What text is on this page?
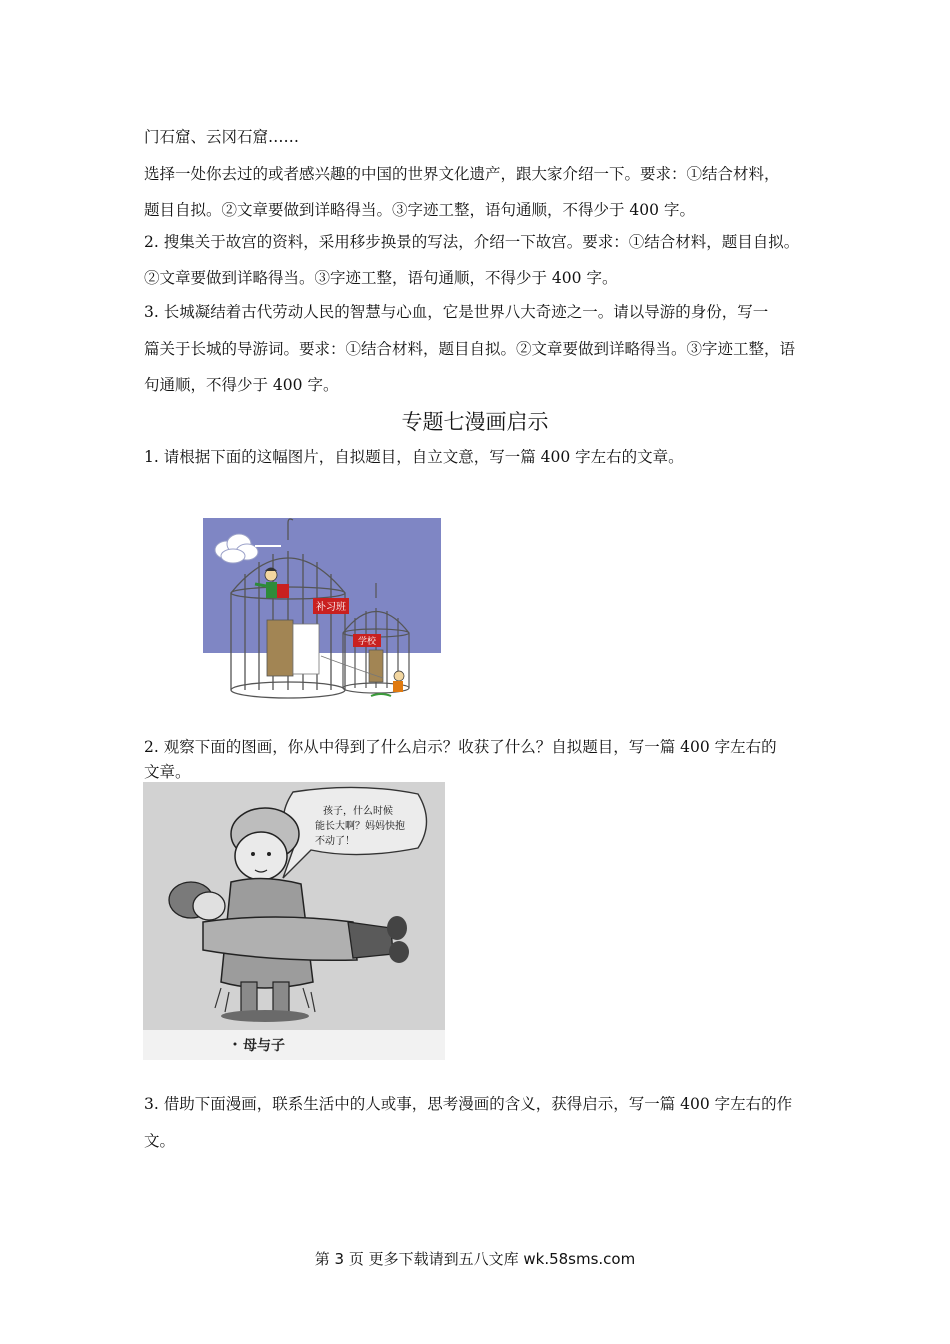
门石窟、云冈石窟……
选择一处你去过的或者感兴趣的中国的世界文化遗产，跟大家介绍一下。要求：①结合材料，
题目自拟。②文章要做到详略得当。③字迹工整，语句通顺，不得少于 400 字。
2. 搜集关于故宫的资料，采用移步换景的写法，介绍一下故宫。要求：①结合材料，题目自拟。
②文章要做到详略得当。③字迹工整，语句通顺，不得少于 400 字。
3. 长城凝结着古代劳动人民的智慧与心血，它是世界八大奇迹之一。请以导游的身份，写一
篇关于长城的导游词。要求：①结合材料，题目自拟。②文章要做到详略得当。③字迹工整，语
句通顺，不得少于 400 字。
专题七漫画启示
1. 请根据下面的这幅图片，自拟题目，自立文意，写一篇 400 字左右的文章。
补习班
学校
2. 观察下面的图画，你从中得到了什么启示？收获了什么？自拟题目，写一篇 400 字左右的
文章。
孩子，什么时候
能长大啊？妈妈快抱
不动了！
母与子
3. 借助下面漫画，联系生活中的人或事，思考漫画的含义，获得启示，写一篇 400 字左右的作
文。
第 3 页 更多下载请到五八文库 wk.58sms.com
